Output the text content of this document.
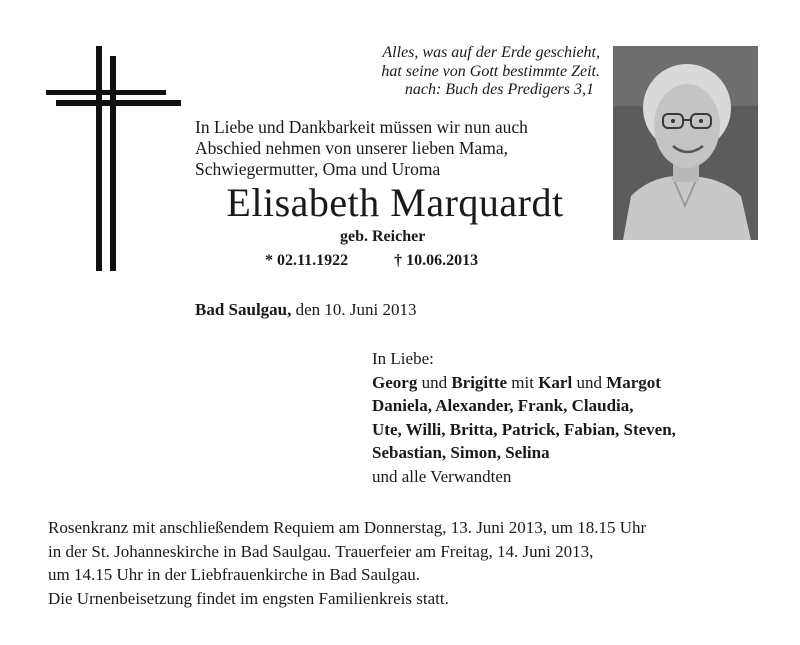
Alles, was auf der Erde geschieht,
hat seine von Gott bestimmte Zeit.
nach: Buch des Predigers 3,1
In Liebe und Dankbarkeit müssen wir nun auch
Abschied nehmen von unserer lieben Mama,
Schwiegermutter, Oma und Uroma
Elisabeth Marquardt
geb. Reicher
* 02.11.1922	† 10.06.2013
Bad Saulgau, den 10. Juni 2013
In Liebe:
Georg und Brigitte mit Karl und Margot
Daniela, Alexander, Frank, Claudia,
Ute, Willi, Britta, Patrick, Fabian, Steven,
Sebastian, Simon, Selina
und alle Verwandten
Rosenkranz mit anschließendem Requiem am Donnerstag, 13. Juni 2013, um 18.15 Uhr
in der St. Johanneskirche in Bad Saulgau. Trauerfeier am Freitag, 14. Juni 2013,
um 14.15 Uhr in der Liebfrauenkirche in Bad Saulgau.
Die Urnenbeisetzung findet im engsten Familienkreis statt.
